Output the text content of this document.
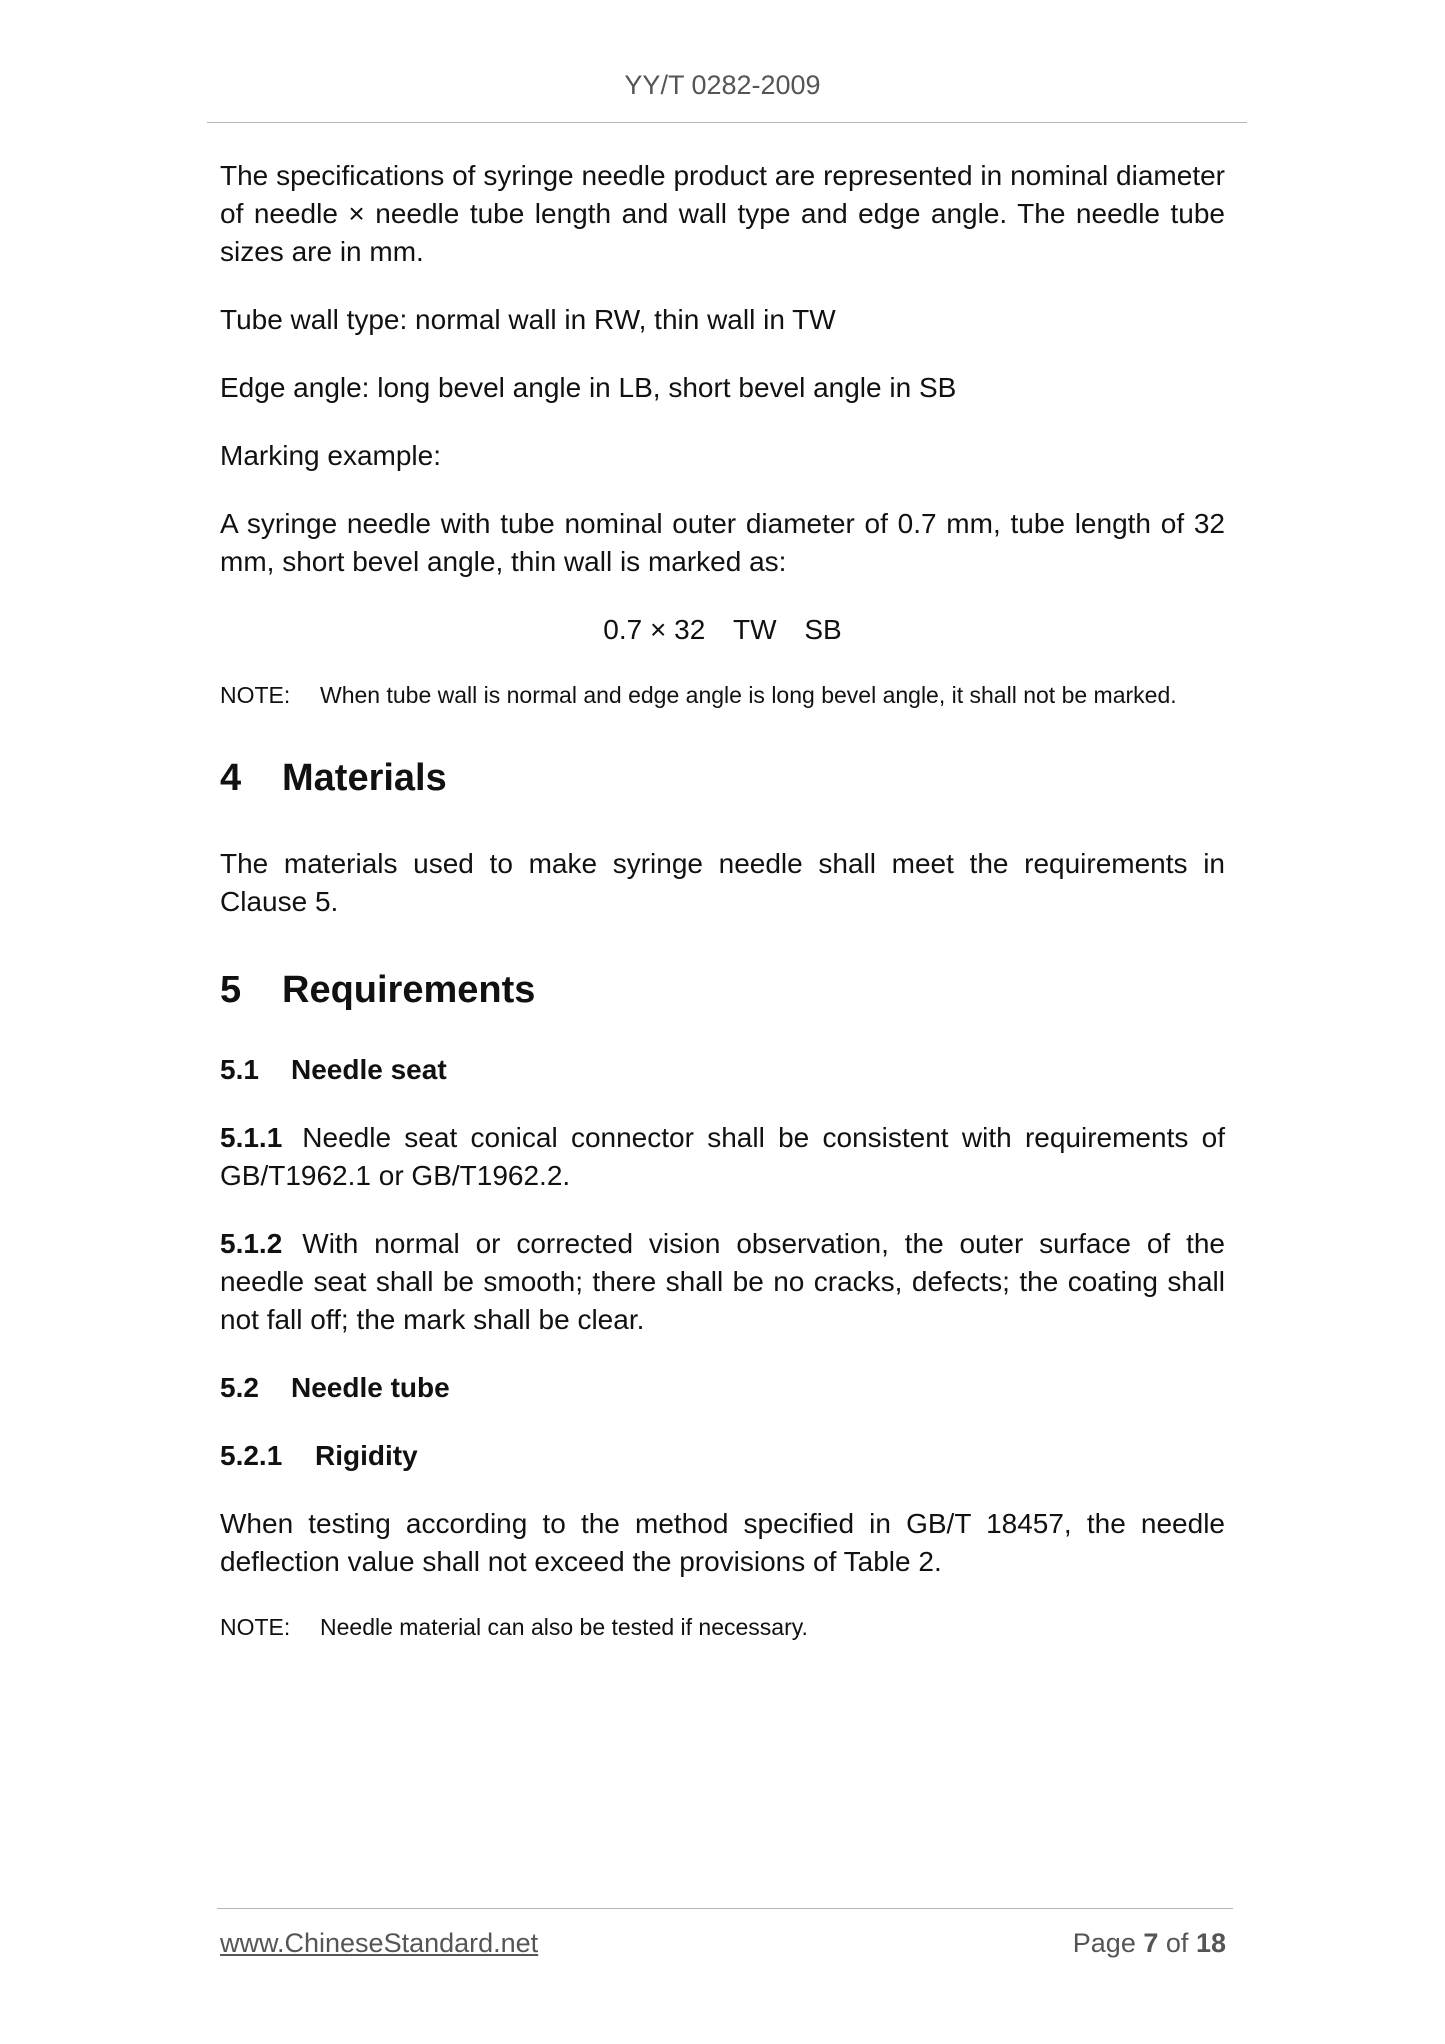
YY/T 0282-2009

The specifications of syringe needle product are represented in nominal diameter of needle × needle tube length and wall type and edge angle. The needle tube sizes are in mm.

Tube wall type: normal wall in RW, thin wall in TW

Edge angle: long bevel angle in LB, short bevel angle in SB

Marking example:

A syringe needle with tube nominal outer diameter of 0.7 mm, tube length of 32 mm, short bevel angle, thin wall is marked as:

0.7 × 32 TW SB
NOTE:	When tube wall is normal and edge angle is long bevel angle, it shall not be marked.
4	Materials

The materials used to make syringe needle shall meet the requirements in Clause 5.

5	Requirements
5.1	Needle seat

5.1.1 Needle seat conical connector shall be consistent with requirements of GB/T1962.1 or GB/T1962.2.

5.1.2 With normal or corrected vision observation, the outer surface of the needle seat shall be smooth; there shall be no cracks, defects; the coating shall not fall off; the mark shall be clear.

5.2	Needle tube
5.2.1	Rigidity

When testing according to the method specified in GB/T 18457, the needle deflection value shall not exceed the provisions of Table 2.

NOTE:	Needle material can also be tested if necessary.
www.ChineseStandard.net	Page 7 of 18
